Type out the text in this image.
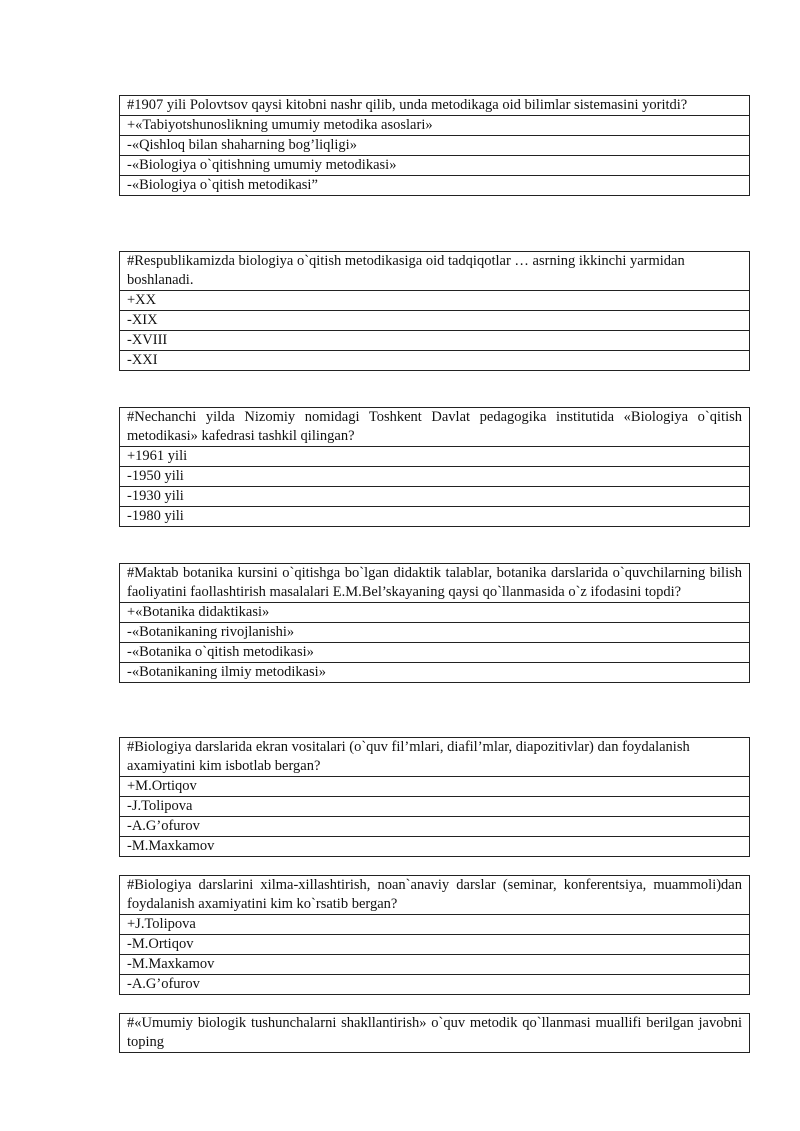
#1907 yili Polovtsov qaysi kitobni nashr qilib, unda metodikaga oid bilimlar sistemasini yoritdi?
+«Tabiyotshunoslikning umumiy metodika asoslari»
-«Qishloq bilan shaharning bog’liqligi»
-«Biologiya o`qitishning umumiy metodikasi»
-«Biologiya o`qitish metodikasi”
#Respublikamizda biologiya o`qitish metodikasiga oid tadqiqotlar … asrning ikkinchi yarmidan boshlanadi.
+XX
-XIX
-XVIII
-XXI
#Nechanchi yilda Nizomiy nomidagi Toshkent Davlat pedagogika institutida «Biologiya o`qitish metodikasi» kafedrasi tashkil qilingan?
+1961 yili
-1950 yili
-1930 yili
-1980 yili
#Maktab botanika kursini o`qitishga bo`lgan didaktik talablar, botanika darslarida o`quvchilarning bilish faoliyatini faollashtirish masalalari E.M.Bel’skayaning qaysi qo`llanmasida o`z ifodasini topdi?
+«Botanika didaktikasi»
-«Botanikaning rivojlanishi»
-«Botanika o`qitish metodikasi»
-«Botanikaning ilmiy metodikasi»
#Biologiya darslarida ekran vositalari (o`quv fil’mlari, diafil’mlar, diapozitivlar) dan foydalanish axamiyatini kim isbotlab bergan?
+M.Ortiqov
-J.Tolipova
-A.G’ofurov
-M.Maxkamov
#Biologiya darslarini xilma-xillashtirish, noan`anaviy darslar (seminar, konferentsiya, muammoli)dan foydalanish axamiyatini kim ko`rsatib bergan?
+J.Tolipova
-M.Ortiqov
-M.Maxkamov
-A.G’ofurov
#«Umumiy biologik tushunchalarni shakllantirish» o`quv metodik qo`llanmasi muallifi berilgan javobni toping
